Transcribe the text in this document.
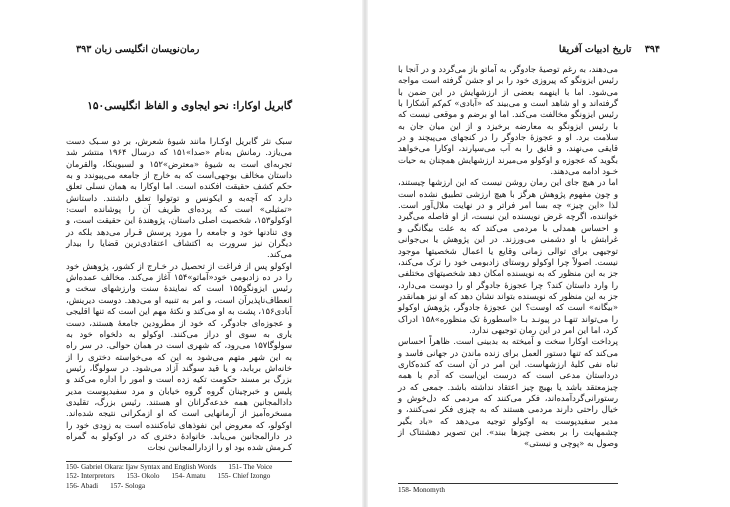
رمان‌نویسان انگلیسی‌ زبان ۳۹۳
گابریل اوکارا: نحو ایجاوی و الفاظ انگلیسی۱۵۰

سبک نثر گابریل اوکـارا مانند شیوهٔ شعرش، بر دو سـبک دست می‌یازد. رمانش به‌نام «صدا»۱۵۱ که درسال ۱۹۶۴ منتشر شد تجربه‌ای است به شیوهٔ «معترض»۱۵۲ و لسبوینکا، والقرمان داستان مخالف بوجهی‌است که به خارج از جامعه می‌پیوندد و به حکم کشف حقیقت افکنده است. اما اوکارا به همان نسلی تعلق دارد که آچه‌به و ایکونس و توتولوا تعلق داشتند. داستانش «تمثیلی» است که پرده‌ای ظریف آن را پوشانده است: اوکولو۱۵۳، شخصیت اصلی داستان، پژوهندهٔ این حقیقت است، و وی تنادنها خود و جامعه را مورد پرسش قـرار می‌دهد بلکه در دیگران نیز سرورت به اکتشاف اعتقادی‌ترین قضایا را بیدار می‌کند.

اوکولو پس از فراغت از تحصیل در خـارج از کشور، پژوهش خود را در ده زادبومی خود«آماتو»۱۵۴ آغاز می‌کند. مخالف عمده‌اش رئیس ایزونگو۱۵۵ است که نمایندهٔ سنت وارزشهای سخت و انعطاف‌ناپذیرآن است، و امر به تنبیه او می‌دهد. دوست دیرینش، آبادی۱۵۶، پشت به او می‌کند و نکتهٔ مهم این است که تنها اقلیجی و عجوزه‌ای جادوگر، که خود از مطرودین جامعهٔ هستند، دست یاری به سوی او دراز می‌کنند. اوکولو به دلخواه خود به سولوگا۱۵۷ می‌رود، که شهری است در همان حوالی. در سر راه به این شهر متهم می‌شود به این که می‌خواسته دختری را از خانه‌اش بربابد، و یا قید سوگند آزاد می‌شود. در سولوگا، رئیس بزرگ بر مسند حکومت تکیه زده است و امور را اداره می‌کند و پلیس و خبرچینان گروه گروه خیابان و مرد سفیدپوست مدیر دادالمجانین همه خدعه‌گرانان او هستند. رئیس بزرگ، تقلیدی مسخره‌آمیز از آرمانهایی است که او ازمکرانی نتیجه شده‌اند. اوکولو، که معروض این نفوذهای تباه‌کننده است به زودی خود را در دارالمجانین می‌یابد. خانوادهٔ دختری که در اوکولو به گمراه کـرمش شده بود او را ازدارالمجانین نجات

150- Gabriel Okara: Ijaw Syntax and English Words 151- The Voice
152- Interpretors 153- Okolo 154- Amatu 155- Chief Izongo
156- Abadi 157- Sologa
۳۹۴ تاریخ ادبیات آفریقا

می‌دهند، به رغم توصیهٔ جادوگر، به آماتو باز می‌گردد و در آنجا با رئیس ایزونگو که پیروزی خود را بر او جشن گرفته است مواجه می‌شود. اما با اینهمه بعضی از ارزشهایش در این ضمن با گرفته‌اند و او شاهد است و می‌بیند که «آبادی» کم‌کم آشکارا با رئیس ایزونگو مخالفت می‌کند. اما او برضم و موقعی نیست که با رئیس ایزونگو به معارضه برخیزد و از این میان جان به سلامت برد. او و عجوزهٔ جادوگر را در کنجهای می‌پیچند و در قایقی می‌نهند، و قایق را به آب می‌سپارند، اوکارا می‌خواهد بگوید که عجوزه و اوکولو می‌میرند ارزشهایش همچنان به حیات خـود ادامه می‌دهند.

اما در هیچ جای این رمان روشن نیست که این ارزشها چیستند، و چون مفهوم پژوهش هرگز با هیچ ارزشی تطبیق نشده است لذا «این چیز» چه بسا امر فراتر و در نهایت ملال‌آور است. خواننده، اگرچه غرض نویسنده این نیست، از او فاصله می‌گیرد و احساس همدلی با مردمی می‌کند که به علت بیگانگی و غرابتش با او دشمنی می‌ورزند. در این پژوهش یا بی‌جوانی توجیهی برای توالی زمانی وقایع یا اعمال شخصیتها موجود نیست. اصولاً چرا اوکولو روستای زادبومی خود را ترک می‌کند، جز به این منظور که به نویسنده امکان دهد شخصیتهای مختلفی را وارد داستان کند؟ چرا عجوزهٔ جادوگر او را دوست می‌دارد، جز به این منظور که نویسنده بتواند نشان دهد که او نیز همانقدر «بیگانه» است که اوست؟ این عجوزهٔ جادوگر، پژوهش اوکولو را می‌تواند تنهـا در پیونـد بـا «اسطورهٔ تک منظوره»۱۵۸ ادراک کرد، اما این امر در این رمان توجیهی ندارد.

پرداخت اوکارا سخت و آمیخته به بدبینی است. ظاهراً احساس می‌کند که تنها دستور العمل برای زنده ماندن در جهانی فاسد و تباه نفی کلیهٔ ارزشهاست. این امر در آن است که کنده‌کاری درداستان مدعی است که درست این‌است که آدم با همه چیزمعتقد باشد یا بهیچ چیز اعتقاد نداشته باشد. جمعی که در رستورانی‌گردآمده‌اند، فکر می‌کنند که مردمی که دل‌خوش و خیال راحتی دارند مردمی هستند که به چیزی فکر نمی‌کنند، و مدیر سفیدپوست به اوکولو توجیه می‌دهد که «باد بگیر چشمهایت را بر بعضی چیزها ببند». این تصویر دهشتناک از وصول به «پوچی و نیستی»

158- Monomyth
